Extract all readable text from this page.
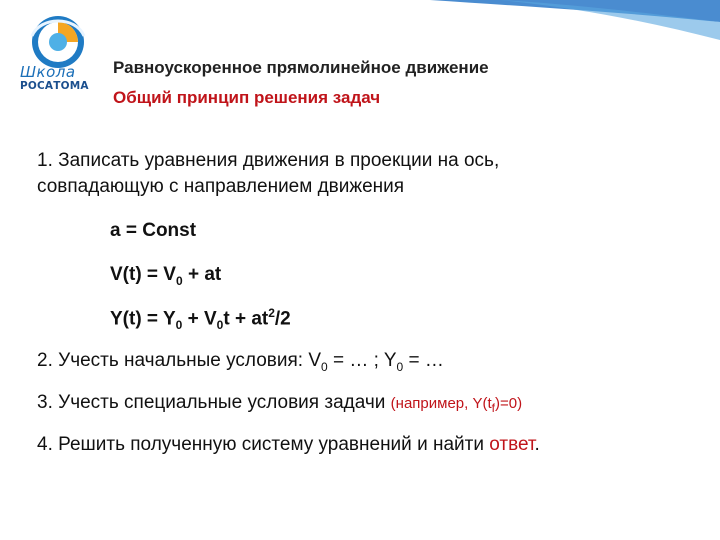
Школа
РОСАТОМА
Равноускоренное прямолинейное движение
Общий принцип решения задач
1. Записать уравнения движения в проекции на ось,
совпадающую с направлением движения
a = Const
$V(t) = V_0$ + at
$Y(t) = Y_0 + V_0t + at^2/2$
2. Учесть начальные условия: $V_0$ = … ; $Y_0$ = …
3. Учесть специальные условия задачи (например, $Y(t_f)=0$)
4. Решить полученную систему уравнений и найти ответ.
